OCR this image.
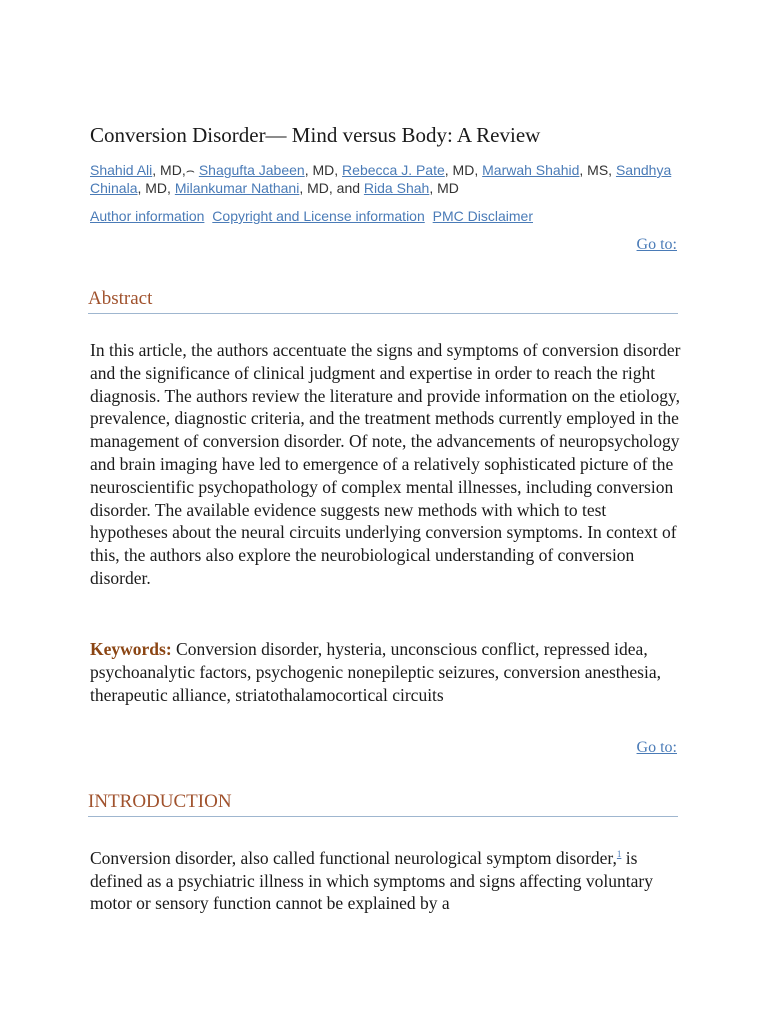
Conversion Disorder— Mind versus Body: A Review
Shahid Ali, MD,⌢ Shagufta Jabeen, MD, Rebecca J. Pate, MD, Marwah Shahid, MS, Sandhya Chinala, MD, Milankumar Nathani, MD, and Rida Shah, MD
Author information Copyright and License information PMC Disclaimer
Go to:
Abstract

In this article, the authors accentuate the signs and symptoms of conversion disorder and the significance of clinical judgment and expertise in order to reach the right diagnosis. The authors review the literature and provide information on the etiology, prevalence, diagnostic criteria, and the treatment methods currently employed in the management of conversion disorder. Of note, the advancements of neuropsychology and brain imaging have led to emergence of a relatively sophisticated picture of the neuroscientific psychopathology of complex mental illnesses, including conversion disorder. The available evidence suggests new methods with which to test hypotheses about the neural circuits underlying conversion symptoms. In context of this, the authors also explore the neurobiological understanding of conversion disorder.

Keywords: Conversion disorder, hysteria, unconscious conflict, repressed idea, psychoanalytic factors, psychogenic nonepileptic seizures, conversion anesthesia, therapeutic alliance, striatothalamocortical circuits

Go to:
INTRODUCTION

Conversion disorder, also called functional neurological symptom disorder,$^1$ is defined as a psychiatric illness in which symptoms and signs affecting voluntary motor or sensory function cannot be explained by a
